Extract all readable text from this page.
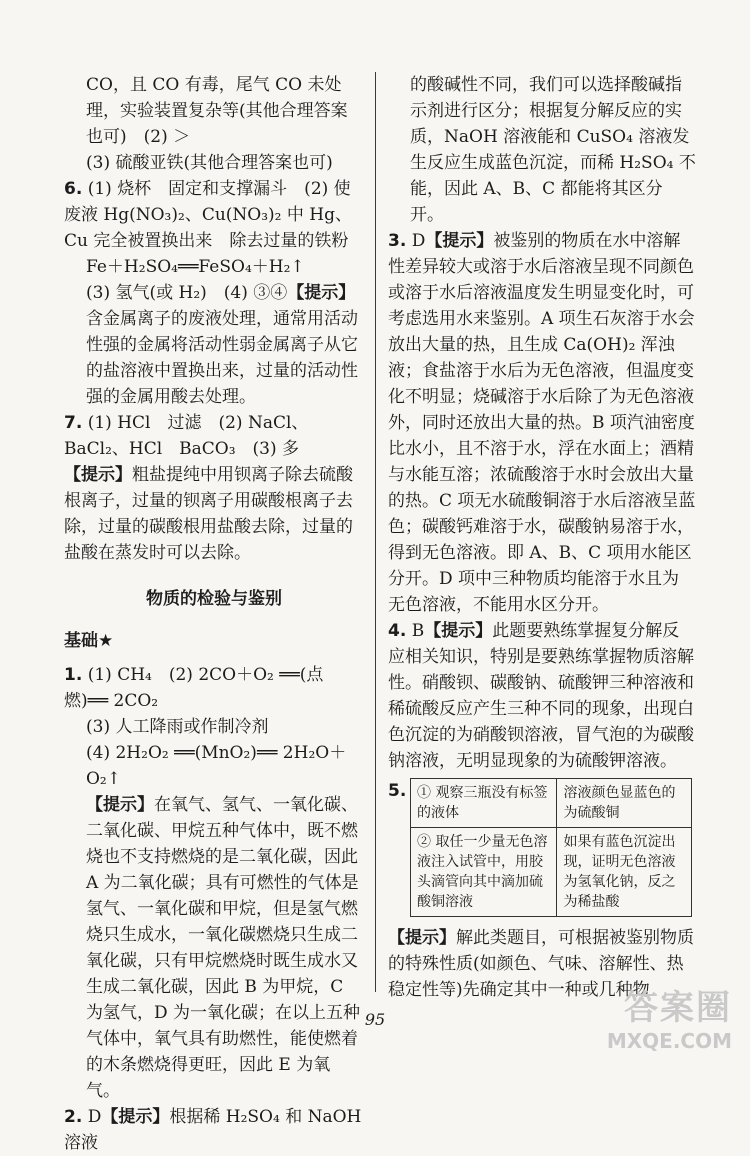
CO，且 CO 有毒，尾气 CO 未处理，实验装置复杂等(其他合理答案也可)　(2) ＞

(3) 硫酸亚铁(其他合理答案也可)

6. (1) 烧杯　固定和支撑漏斗　(2) 使废液 Hg(NO₃)₂、Cu(NO₃)₂ 中 Hg、Cu 完全被置换出来　除去过量的铁粉

Fe＋H₂SO₄══FeSO₄＋H₂↑

(3) 氢气(或 H₂)　(4) ③④【提示】含金属离子的废液处理，通常用活动性强的金属将活动性弱金属离子从它的盐溶液中置换出来，过量的活动性强的金属用酸去处理。

7. (1) HCl　过滤　(2) NaCl、BaCl₂、HCl　BaCO₃　(3) 多【提示】粗盐提纯中用钡离子除去硫酸根离子，过量的钡离子用碳酸根离子去除，过量的碳酸根用盐酸去除，过量的盐酸在蒸发时可以去除。

物质的检验与鉴别
基础★

1. (1) CH₄　(2) 2CO＋O₂ ══(点燃)══ 2CO₂

(3) 人工降雨或作制冷剂

(4) 2H₂O₂ ══(MnO₂)══ 2H₂O＋O₂↑

【提示】在氧气、氢气、一氧化碳、二氧化碳、甲烷五种气体中，既不燃烧也不支持燃烧的是二氧化碳，因此 A 为二氧化碳；具有可燃性的气体是氢气、一氧化碳和甲烷，但是氢气燃烧只生成水，一氧化碳燃烧只生成二氧化碳，只有甲烷燃烧时既生成水又生成二氧化碳，因此 B 为甲烷，C 为氢气，D 为一氧化碳；在以上五种气体中，氧气具有助燃性，能使燃着的木条燃烧得更旺，因此 E 为氧气。

2. D【提示】根据稀 H₂SO₄ 和 NaOH 溶液

的酸碱性不同，我们可以选择酸碱指示剂进行区分；根据复分解反应的实质，NaOH 溶液能和 CuSO₄ 溶液发生反应生成蓝色沉淀，而稀 H₂SO₄ 不能，因此 A、B、C 都能将其区分开。

3. D【提示】被鉴别的物质在水中溶解性差异较大或溶于水后溶液呈现不同颜色或溶于水后溶液温度发生明显变化时，可考虑选用水来鉴别。A 项生石灰溶于水会放出大量的热，且生成 Ca(OH)₂ 浑浊液；食盐溶于水后为无色溶液，但温度变化不明显；烧碱溶于水后除了为无色溶液外，同时还放出大量的热。B 项汽油密度比水小，且不溶于水，浮在水面上；酒精与水能互溶；浓硫酸溶于水时会放出大量的热。C 项无水硫酸铜溶于水后溶液呈蓝色；碳酸钙难溶于水，碳酸钠易溶于水，得到无色溶液。即 A、B、C 项用水能区分开。D 项中三种物质均能溶于水且为无色溶液，不能用水区分开。

4. B【提示】此题要熟练掌握复分解反应相关知识，特别是要熟练掌握物质溶解性。硝酸钡、碳酸钠、硫酸钾三种溶液和稀硫酸反应产生三种不同的现象，出现白色沉淀的为硝酸钡溶液，冒气泡的为碳酸钠溶液，无明显现象的为硫酸钾溶液。

5. ① 观察三瓶没有标签的液体	溶液颜色显蓝色的为硫酸铜
② 取任一少量无色溶液注入试管中，用胶头滴管向其中滴加硫酸铜溶液	如果有蓝色沉淀出现，证明无色溶液为氢氧化钠，反之为稀盐酸

【提示】解此类题目，可根据被鉴别物质的特殊性质(如颜色、气味、溶解性、热稳定性等)先确定其中一种或几种物

95	答案圈
MXQE.COM
